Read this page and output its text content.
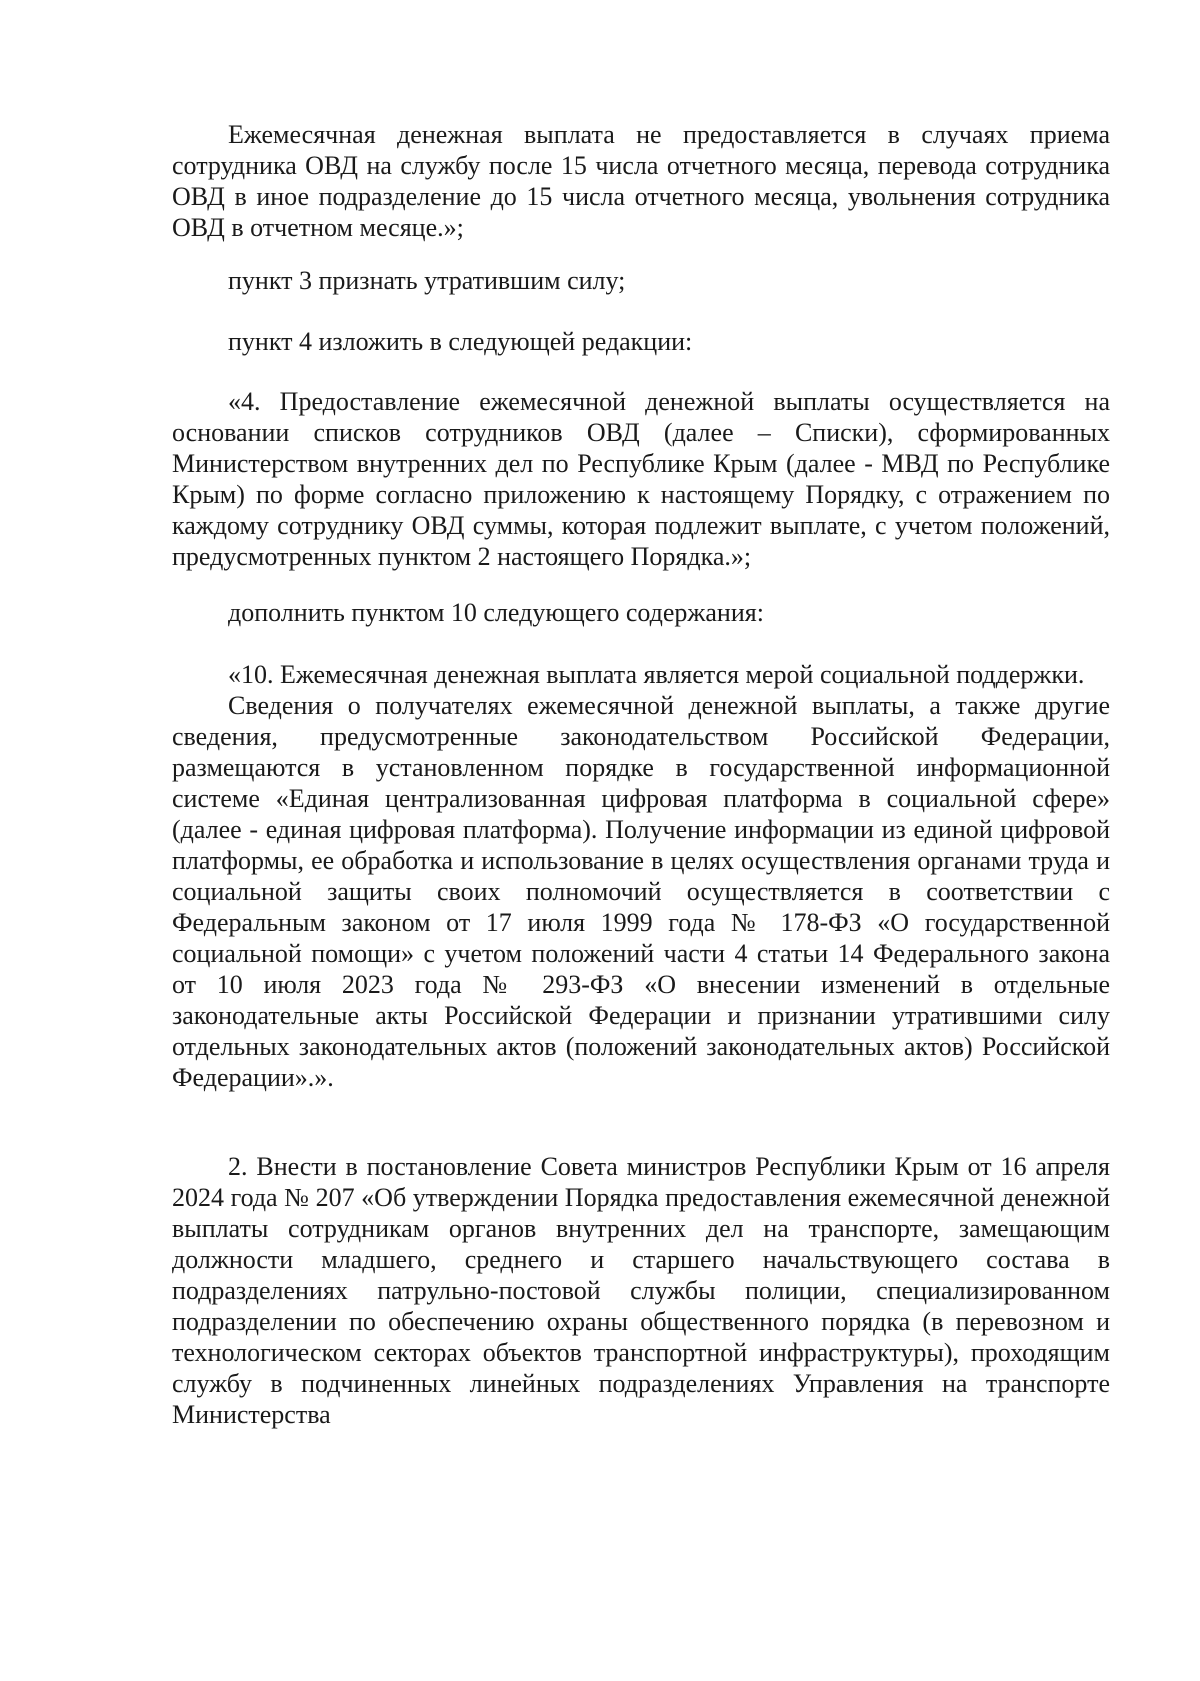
Ежемесячная денежная выплата не предоставляется в случаях приема сотрудника ОВД на службу после 15 числа отчетного месяца, перевода сотрудника ОВД в иное подразделение до 15 числа отчетного месяца, увольнения сотрудника ОВД в отчетном месяце.»;

пункт 3 признать утратившим силу;

пункт 4 изложить в следующей редакции:

«4. Предоставление ежемесячной денежной выплаты осуществляется на основании списков сотрудников ОВД (далее – Списки), сформированных Министерством внутренних дел по Республике Крым (далее - МВД по Республике Крым) по форме согласно приложению к настоящему Порядку, с отражением по каждому сотруднику ОВД суммы, которая подлежит выплате, с учетом положений, предусмотренных пунктом 2 настоящего Порядка.»;

дополнить пунктом 10 следующего содержания:

«10. Ежемесячная денежная выплата является мерой социальной поддержки.

Сведения о получателях ежемесячной денежной выплаты, а также другие сведения, предусмотренные законодательством Российской Федерации, размещаются в установленном порядке в государственной информационной системе «Единая централизованная цифровая платформа в социальной сфере» (далее - единая цифровая платформа). Получение информации из единой цифровой платформы, ее обработка и использование в целях осуществления органами труда и социальной защиты своих полномочий осуществляется в соответствии с Федеральным законом от 17 июля 1999 года № 178-ФЗ «О государственной социальной помощи» с учетом положений части 4 статьи 14 Федерального закона от 10 июля 2023 года № 293-ФЗ «О внесении изменений в отдельные законодательные акты Российской Федерации и признании утратившими силу отдельных законодательных актов (положений законодательных актов) Российской Федерации».».

2. Внести в постановление Совета министров Республики Крым от 16 апреля 2024 года № 207 «Об утверждении Порядка предоставления ежемесячной денежной выплаты сотрудникам органов внутренних дел на транспорте, замещающим должности младшего, среднего и старшего начальствующего состава в подразделениях патрульно-постовой службы полиции, специализированном подразделении по обеспечению охраны общественного порядка (в перевозном и технологическом секторах объектов транспортной инфраструктуры), проходящим службу в подчиненных линейных подразделениях Управления на транспорте Министерства
